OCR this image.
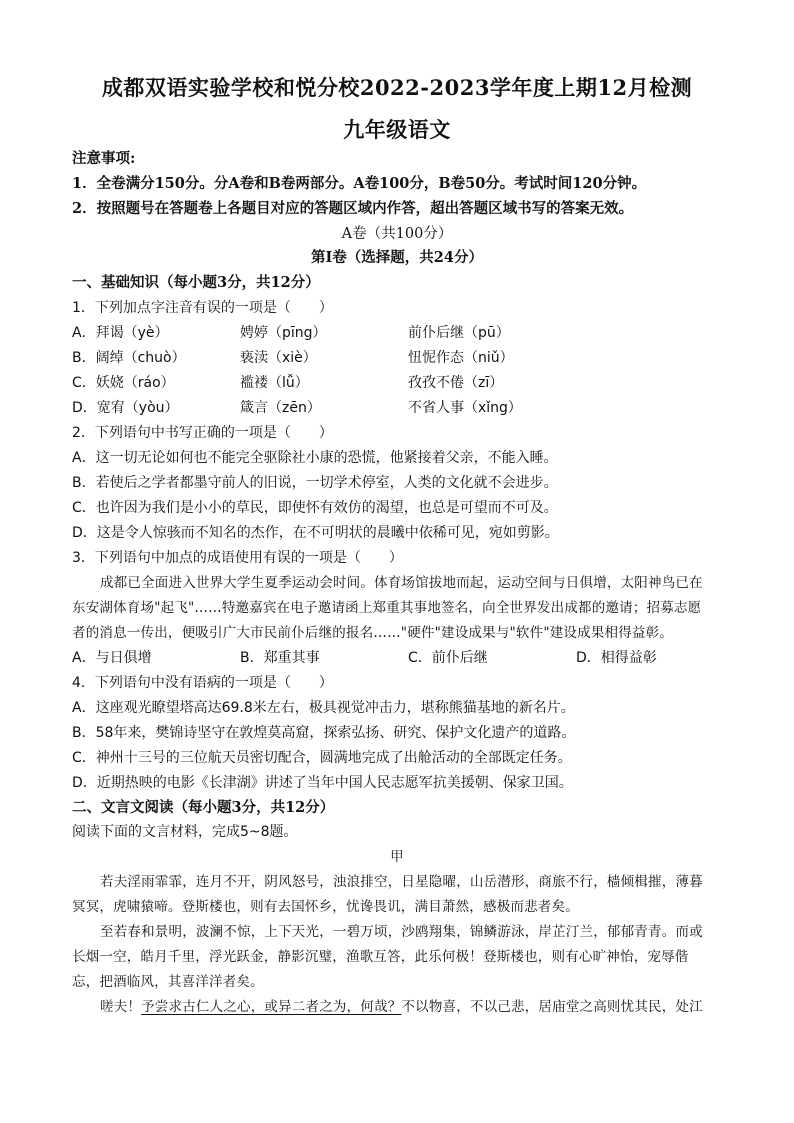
成都双语实验学校和悦分校2022-2023学年度上期12月检测
九年级语文
注意事项:
1．全卷满分150分。分A卷和B卷两部分。A卷100分，B卷50分。考试时间120分钟。
2．按照题号在答题卷上各题目对应的答题区域内作答，超出答题区域书写的答案无效。
A卷（共100分）
第Ⅰ卷（选择题，共24分）
一、基础知识（每小题3分，共12分）
1．下列加点字注音有误的一项是（　　）
A．拜谒（yè）	娉婷（pīng）	前仆后继（pū）
B．阔绰（chuò）	亵渎（xiè）	忸怩作态（niǔ）
C．妖娆（ráo）	褴褛（lǚ）	孜孜不倦（zī）
D．宽宥（yòu）	箴言（zēn）	不省人事（xǐng）
2．下列语句中书写正确的一项是（　　）
A．这一切无论如何也不能完全驱除社小康的恐慌，他紧接着父亲，不能入睡。
B．若使后之学者都墨守前人的旧说，一切学术停室，人类的文化就不会进步。
C．也许因为我们是小小的草民，即使怀有效仿的渴望，也总是可望而不可及。
D．这是令人惊骇而不知名的杰作，在不可明状的晨曦中依稀可见，宛如剪影。
3．下列语句中加点的成语使用有误的一项是（　　）
成都已全面进入世界大学生夏季运动会时间。体育场馆拔地而起，运动空间与日俱增，太阳神鸟已在
东安湖体育场"起飞"……特邀嘉宾在电子邀请函上郑重其事地签名，向全世界发出成都的邀请；招募志愿
者的消息一传出，便吸引广大市民前仆后继的报名……"硬件"建设成果与"软件"建设成果相得益彰。
A．与日俱增	B．郑重其事	C．前仆后继	D．相得益彰
4．下列语句中没有语病的一项是（　　）
A．这座观光瞭望塔高达69.8米左右，极具视觉冲击力，堪称熊猫基地的新名片。
B．58年来，樊锦诗坚守在敦煌莫高窟，探索弘扬、研究、保护文化遗产的道路。
C．神州十三号的三位航天员密切配合，圆满地完成了出舱活动的全部既定任务。
D．近期热映的电影《长津湖》讲述了当年中国人民志愿军抗美援朝、保家卫国。
二、文言文阅读（每小题3分，共12分）
阅读下面的文言材料，完成5~8题。
甲
若夫淫雨霏霏，连月不开，阴风怒号，浊浪排空，日星隐曜，山岳潜形，商旅不行，樯倾楫摧，薄暮
冥冥，虎啸猿啼。登斯楼也，则有去国怀乡，忧谗畏讥，满目萧然，感极而悲者矣。
至若春和景明，波澜不惊，上下天光，一碧万顷，沙鸥翔集，锦鳞游泳，岸芷汀兰，郁郁青青。而或
长烟一空，皓月千里，浮光跃金，静影沉璧，渔歌互答，此乐何极！登斯楼也，则有心旷神怡，宠辱偕
忘，把酒临风，其喜洋洋者矣。
嗟夫！予尝求古仁人之心，或异二者之为，何哉？不以物喜，不以己悲，居庙堂之高则忧其民，处江
